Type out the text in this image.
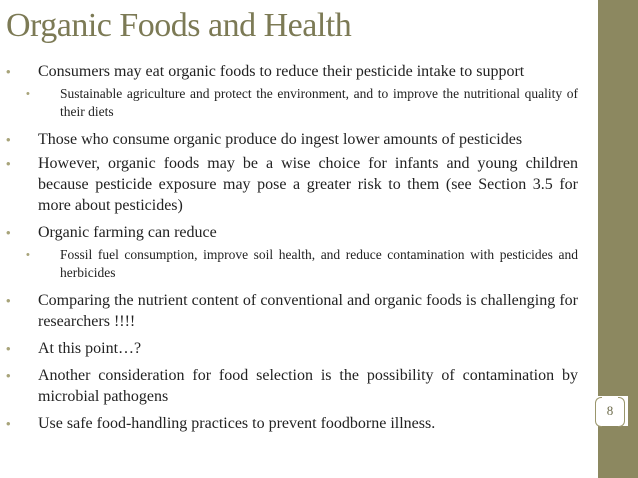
Organic Foods and Health
• Consumers may eat organic foods to reduce their pesticide intake to support
• Sustainable agriculture and protect the environment, and to improve the nutritional quality of their diets
• Those who consume organic produce do ingest lower amounts of pesticides
• However, organic foods may be a wise choice for infants and young children because pesticide exposure may pose a greater risk to them (see Section 3.5 for more about pesticides)
• Organic farming can reduce
• Fossil fuel consumption, improve soil health, and reduce contamination with pesticides and herbicides
• Comparing the nutrient content of conventional and organic foods is challenging for researchers !!!!
• At this point…?
• Another consideration for food selection is the possibility of contamination by microbial pathogens
• Use safe food-handling practices to prevent foodborne illness.
8
